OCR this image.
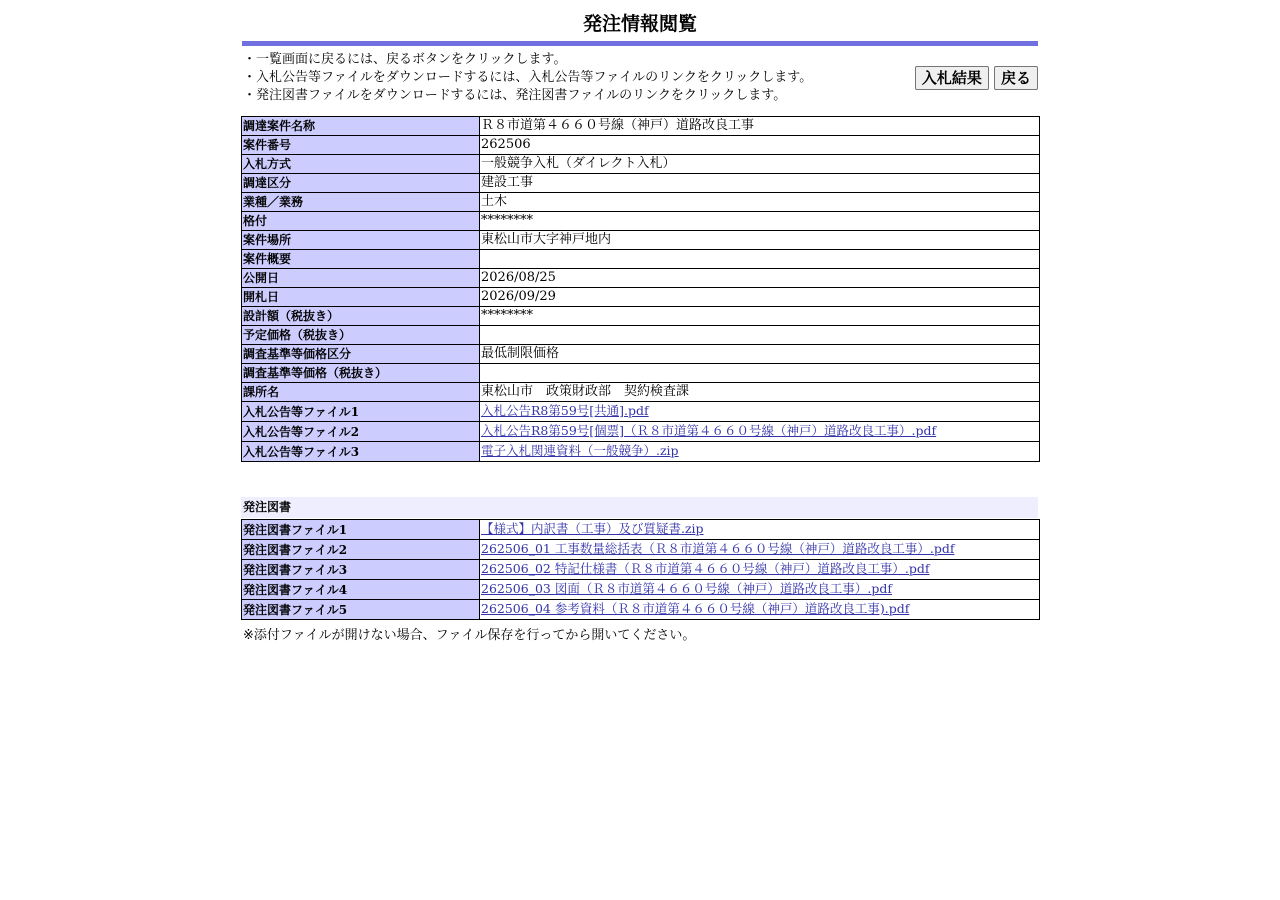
発注情報閲覧
・一覧画面に戻るには、戻るボタンをクリックします。
・入札公告等ファイルをダウンロードするには、入札公告等ファイルのリンクをクリックします。
・発注図書ファイルをダウンロードするには、発注図書ファイルのリンクをクリックします。
入札結果 戻る
調達案件名称	Ｒ８市道第４６６０号線（神戸）道路改良工事
案件番号	262506
入札方式	一般競争入札（ダイレクト入札）
調達区分	建設工事
業種／業務	土木
格付	********
案件場所	東松山市大字神戸地内
案件概要	
公開日	2026/08/25
開札日	2026/09/29
設計額（税抜き）	********
予定価格（税抜き）	
調査基準等価格区分	最低制限価格
調査基準等価格（税抜き）	
課所名	東松山市　政策財政部　契約検査課
入札公告等ファイル1	入札公告R8第59号[共通].pdf
入札公告等ファイル2	入札公告R8第59号[個票]（Ｒ８市道第４６６０号線（神戸）道路改良工事）.pdf
入札公告等ファイル3	電子入札関連資料（一般競争）.zip
発注図書
発注図書ファイル1	【様式】内訳書（工事）及び質疑書.zip
発注図書ファイル2	262506_01 工事数量総括表（Ｒ８市道第４６６０号線（神戸）道路改良工事）.pdf
発注図書ファイル3	262506_02 特記仕様書（Ｒ８市道第４６６０号線（神戸）道路改良工事）.pdf
発注図書ファイル4	262506_03 図面（Ｒ８市道第４６６０号線（神戸）道路改良工事）.pdf
発注図書ファイル5	262506_04 参考資料（Ｒ８市道第４６６０号線（神戸）道路改良工事).pdf
※添付ファイルが開けない場合、ファイル保存を行ってから開いてください。
